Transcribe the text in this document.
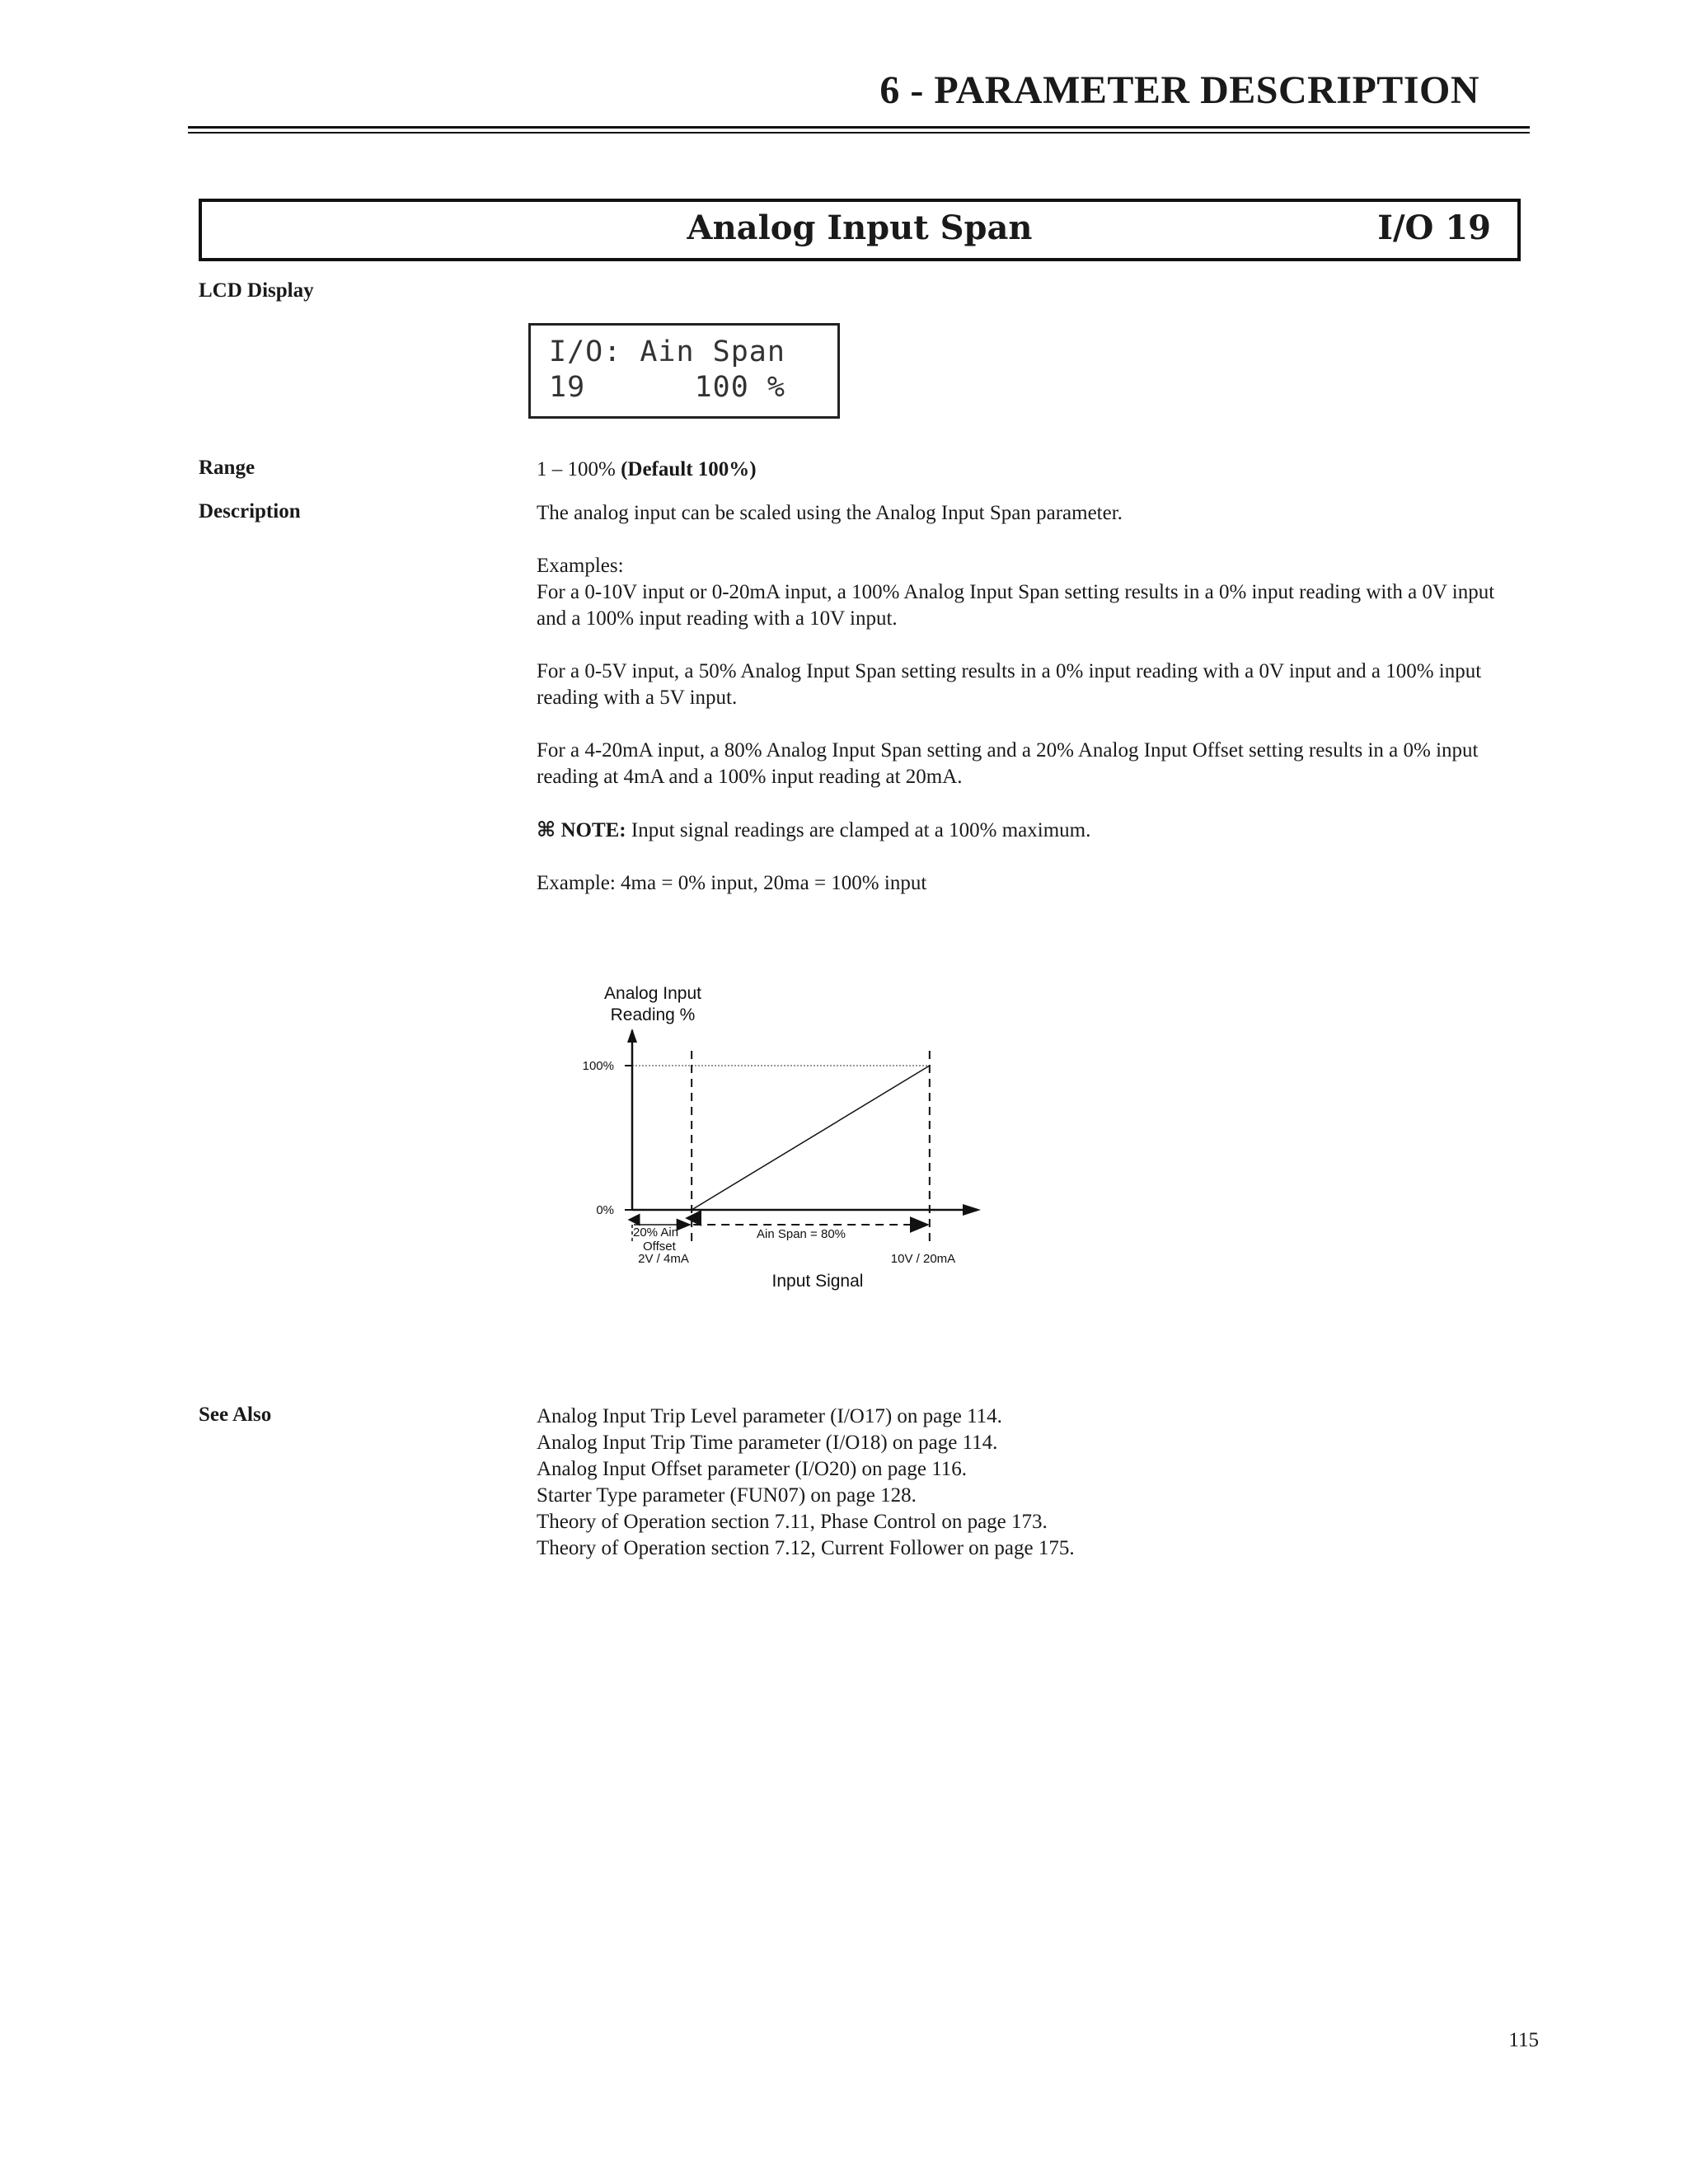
6 - PARAMETER DESCRIPTION
Analog Input Span	I/O 19
LCD Display
I/O: Ain Span
19      100 %
Range	1 – 100% (Default 100%)
Description	The analog input can be scaled using the Analog Input Span parameter.
Examples:
For a 0-10V input or 0-20mA input, a 100% Analog Input Span setting results in a 0% input reading with a 0V input and a 100% input reading with a 10V input.
For a 0-5V input, a 50% Analog Input Span setting results in a 0% input reading with a 0V input and a 100% input reading with a 5V input.
For a 4-20mA input, a 80% Analog Input Span setting and a 20% Analog Input Offset setting results in a 0% input reading at 4mA and a 100% input reading at 20mA.
⌘ NOTE: Input signal readings are clamped at a 100% maximum.
Example: 4ma = 0% input, 20ma = 100% input
Analog Input
Reading %
100%
0%
20% Ain
Offset
Ain Span = 80%
2V / 4mA	10V / 20mA
Input Signal
See Also	Analog Input Trip Level parameter (I/O17) on page 114.
Analog Input Trip Time parameter (I/O18) on page 114.
Analog Input Offset parameter (I/O20) on page 116.
Starter Type parameter (FUN07) on page 128.
Theory of Operation section 7.11, Phase Control on page 173.
Theory of Operation section 7.12, Current Follower on page 175.
115
